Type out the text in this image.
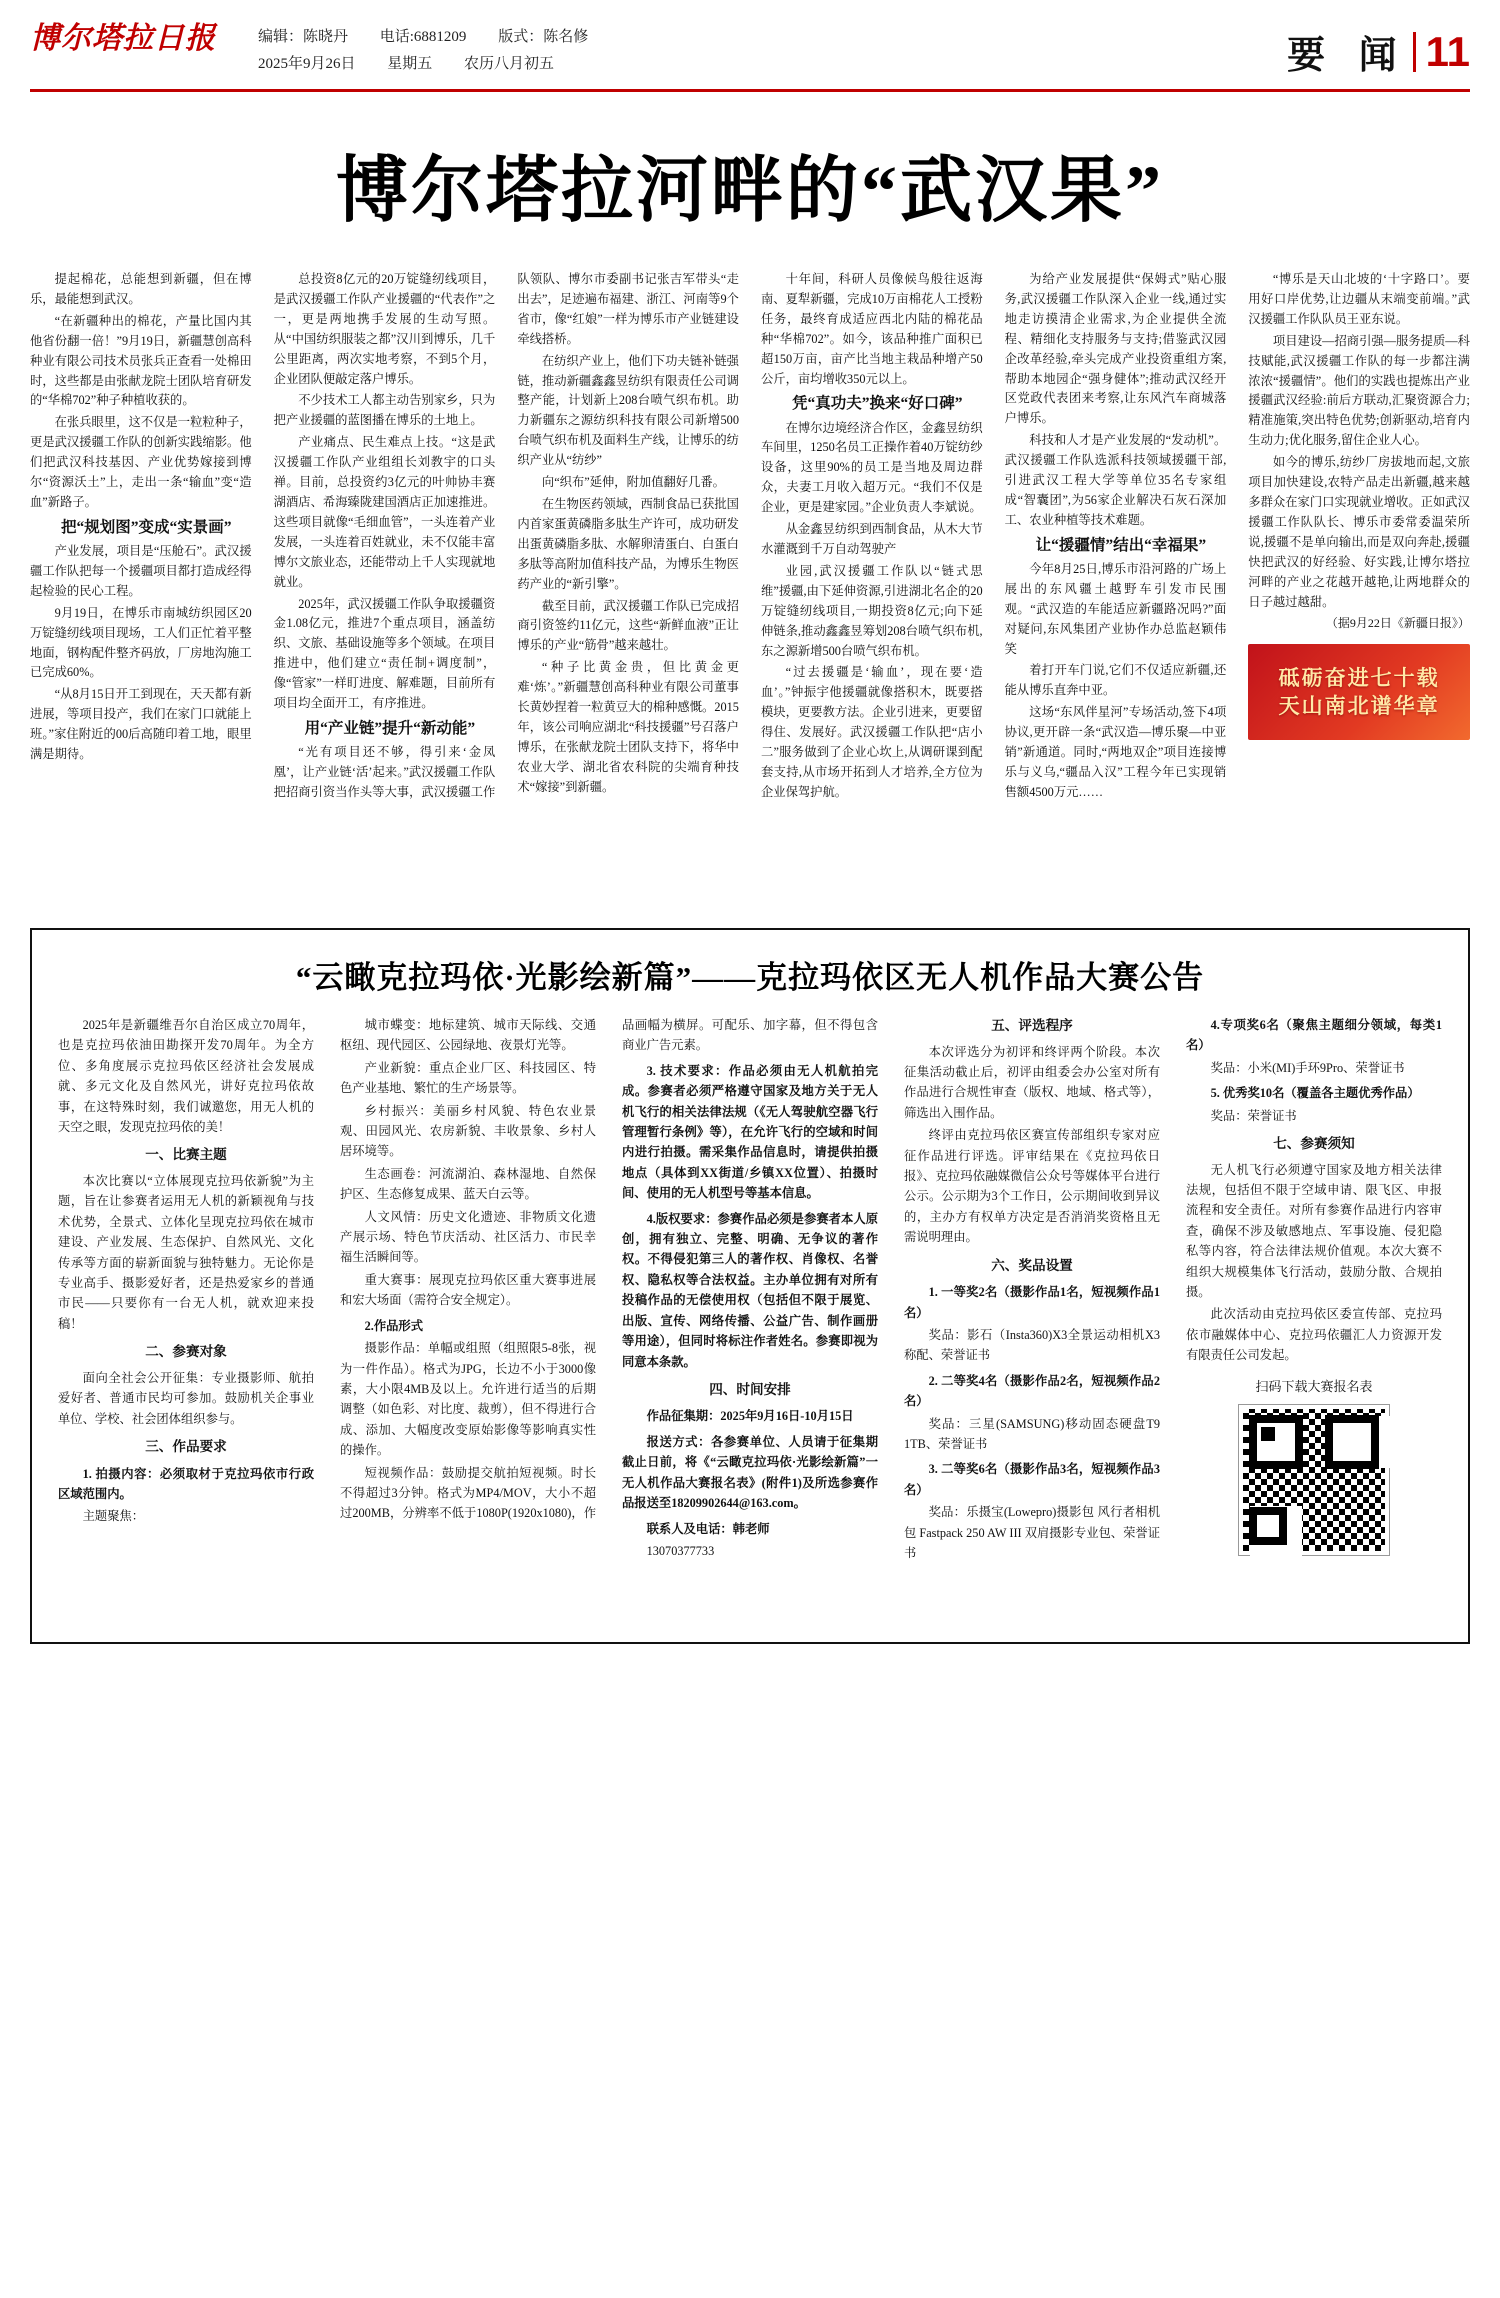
博尔塔拉日报	编辑：陈晓丹 电话:6881209 版式：陈名修
2025年9月26日 星期五 农历八月初五	要 闻 11
博尔塔拉河畔的“武汉果”

提起棉花，总能想到新疆，但在博乐，最能想到武汉。

“在新疆种出的棉花，产量比国内其他省份翻一倍！”9月19日，新疆慧创高科种业有限公司技术员张兵正查看一处棉田时，这些都是由张献龙院士团队培育研发的“华棉702”种子种植收获的。

在张兵眼里，这不仅是一粒粒种子，更是武汉援疆工作队的创新实践缩影。他们把武汉科技基因、产业优势嫁接到博尔“资源沃土”上，走出一条“输血”变“造血”新路子。

把“规划图”变成“实景画”

产业发展，项目是“压舱石”。武汉援疆工作队把每一个援疆项目都打造成经得起检验的民心工程。

9月19日，在博乐市南城纺织园区20万锭缝纫线项目现场，工人们正忙着平整地面，钢构配件整齐码放，厂房地沟施工已完成60%。

“从8月15日开工到现在，天天都有新进展，等项目投产，我们在家门口就能上班。”家住附近的00后高随印着工地，眼里满是期待。

总投资8亿元的20万锭缝纫线项目，是武汉援疆工作队产业援疆的“代表作”之一，更是两地携手发展的生动写照。从“中国纺织服装之都”汉川到博乐，几千公里距离，两次实地考察，不到5个月，企业团队便敲定落户博乐。

不少技术工人都主动告别家乡，只为把产业援疆的蓝图播在博乐的土地上。

产业痛点、民生难点上技。“这是武汉援疆工作队产业组组长刘教宇的口头禅。目前，总投资约3亿元的叶帅协丰赛湖酒店、希海臻陇建国酒店正加速推进。这些项目就像“毛细血管”，一头连着产业发展，一头连着百姓就业，未不仅能丰富博尔文旅业态，还能带动上千人实现就地就业。

2025年，武汉援疆工作队争取援疆资金1.08亿元，推进7个重点项目，涵盖纺织、文旅、基础设施等多个领域。在项目推进中，他们建立“责任制+调度制”，像“管家”一样盯进度、解难题，目前所有项目均全面开工，有序推进。

用“产业链”提升“新动能”

“光有项目还不够，得引来‘金凤凰’，让产业链‘活’起来。”武汉援疆工作队把招商引资当作头等大事，武汉援疆工作队领队、博尔市委副书记张吉军带头“走出去”，足迹遍布福建、浙江、河南等9个省市，像“红娘”一样为博乐市产业链建设牵线搭桥。

在纺织产业上，他们下功夫链补链强链，推动新疆鑫鑫昱纺织有限责任公司调整产能，计划新上208台喷气织布机。助力新疆东之源纺织科技有限公司新增500台喷气织布机及面料生产线，让博乐的纺织产业从“纺纱”

向“织布”延伸，附加值翻好几番。

在生物医药领域，西制食品已获批国内首家蛋黄磷脂多肽生产许可，成功研发出蛋黄磷脂多肽、水解卵清蛋白、白蛋白多肽等高附加值科技产品，为博乐生物医药产业的“新引擎”。

截至目前，武汉援疆工作队已完成招商引资签约11亿元，这些“新鲜血液”正让博乐的产业“筋骨”越来越壮。

“种子比黄金贵，但比黄金更难‘炼’。”新疆慧创高科种业有限公司董事长黄妙捏着一粒黄豆大的棉种感慨。2015年，该公司响应湖北“科技援疆”号召落户博乐，在张献龙院士团队支持下，将华中农业大学、湖北省农科院的尖端育种技术“嫁接”到新疆。

十年间，科研人员像候鸟般往返海南、夏犁新疆，完成10万亩棉花人工授粉任务，最终育成适应西北内陆的棉花品种“华棉702”。如今，该品种推广面积已超150万亩，亩产比当地主栽品种增产50公斤，亩均增收350元以上。

凭“真功夫”换来“好口碑”

在博尔边境经济合作区，金鑫昱纺织车间里，1250名员工正操作着40万锭纺纱设备，这里90%的员工是当地及周边群众，夫妻工月收入超万元。“我们不仅是企业，更是建家园。”企业负责人李斌说。

从金鑫昱纺织到西制食品，从木大节水灌溉到千万自动驾驶产

业园,武汉援疆工作队以“链式思维”援疆,由下延伸资源,引进湖北名企的20万锭缝纫线项目,一期投资8亿元;向下延伸链条,推动鑫鑫昱筹划208台喷气织布机,东之源新增500台喷气织布机。

“过去援疆是‘输血’，现在要‘造血’。”钟振宇他援疆就像搭积木，既要搭模块，更要教方法。企业引进来，更要留得住、发展好。武汉援疆工作队把“店小二”服务做到了企业心坎上,从调研课到配套支持,从市场开拓到人才培养,全方位为企业保驾护航。

为给产业发展提供“保姆式”贴心服务,武汉援疆工作队深入企业一线,通过实地走访摸清企业需求,为企业提供全流程、精细化支持服务与支持;借鉴武汉园企改革经验,牵头完成产业投资重组方案,帮助本地园企“强身健体”;推动武汉经开区党政代表团来考察,让东风汽车商城落户博乐。

科技和人才是产业发展的“发动机”。武汉援疆工作队选派科技领域援疆干部,引进武汉工程大学等单位35名专家组成“智囊团”,为56家企业解决石灰石深加工、农业种植等技术难题。

让“援疆情”结出“幸福果”

今年8月25日,博乐市沿河路的广场上展出的东风疆土越野车引发市民围观。“武汉造的车能适应新疆路况吗?”面对疑问,东风集团产业协作办总监赵颖伟笑

着打开车门说,它们不仅适应新疆,还能从博乐直奔中亚。

这场“东风伴星河”专场活动,签下4项协议,更开辟一条“武汉造—博乐聚—中亚销”新通道。同时,“两地双企”项目连接博乐与义乌,“疆品入汉”工程今年已实现销售额4500万元……

“博乐是天山北坡的‘十字路口’。要用好口岸优势,让边疆从末端变前端。”武汉援疆工作队队员王亚东说。

项目建设—招商引强—服务提质—科技赋能,武汉援疆工作队的每一步都注满浓浓“援疆情”。他们的实践也提炼出产业援疆武汉经验:前后方联动,汇聚资源合力;精准施策,突出特色优势;创新驱动,培育内生动力;优化服务,留住企业人心。

如今的博乐,纺纱厂房拔地而起,文旅项目加快建设,农特产品走出新疆,越来越多群众在家门口实现就业增收。正如武汉援疆工作队队长、博乐市委常委温荣所说,援疆不是单向输出,而是双向奔赴,援疆快把武汉的好经验、好实践,让博尔塔拉河畔的产业之花越开越艳,让两地群众的日子越过越甜。

（据9月22日《新疆日报》）

砥砺奋进七十载
天山南北谱华章
“云瞰克拉玛依·光影绘新篇”——克拉玛依区无人机作品大赛公告

2025年是新疆维吾尔自治区成立70周年，也是克拉玛依油田勘探开发70周年。为全方位、多角度展示克拉玛依区经济社会发展成就、多元文化及自然风光，讲好克拉玛依故事，在这特殊时刻，我们诚邀您，用无人机的天空之眼，发现克拉玛依的美！

一、比赛主题

本次比赛以“立体展现克拉玛依新貌”为主题，旨在让参赛者运用无人机的新颖视角与技术优势，全景式、立体化呈现克拉玛依在城市建设、产业发展、生态保护、自然风光、文化传承等方面的崭新面貌与独特魅力。无论你是专业高手、摄影爱好者，还是热爱家乡的普通市民——只要你有一台无人机，就欢迎来投稿！

二、参赛对象

面向全社会公开征集：专业摄影师、航拍爱好者、普通市民均可参加。鼓励机关企事业单位、学校、社会团体组织参与。

三、作品要求

1. 拍摄内容：必须取材于克拉玛依市行政区域范围内。

主题聚焦：

城市蝶变：地标建筑、城市天际线、交通枢纽、现代园区、公园绿地、夜景灯光等。

产业新貌：重点企业厂区、科技园区、特色产业基地、繁忙的生产场景等。

乡村振兴：美丽乡村风貌、特色农业景观、田园风光、农房新貌、丰收景象、乡村人居环境等。

生态画卷：河流湖泊、森林湿地、自然保护区、生态修复成果、蓝天白云等。

人文风情：历史文化遗迹、非物质文化遗产展示场、特色节庆活动、社区活力、市民幸福生活瞬间等。

重大赛事：展现克拉玛依区重大赛事进展和宏大场面（需符合安全规定）。

2.作品形式

摄影作品：单幅或组照（组照限5-8张，视为一件作品）。格式为JPG，长边不小于3000像素，大小限4MB及以上。允许进行适当的后期调整（如色彩、对比度、裁剪），但不得进行合成、添加、大幅度改变原始影像等影响真实性的操作。

短视频作品：鼓励提交航拍短视频。时长不得超过3分钟。格式为MP4/MOV，大小不超过200MB，分辨率不低于1080P(1920x1080)，作品画幅为横屏。可配乐、加字幕，但不得包含商业广告元素。

3. 技术要求：作品必须由无人机航拍完成。参赛者必须严格遵守国家及地方关于无人机飞行的相关法律法规（《无人驾驶航空器飞行管理暂行条例》等），在允许飞行的空域和时间内进行拍摄。需采集作品信息时，请提供拍摄地点（具体到XX街道/乡镇XX位置）、拍摄时间、使用的无人机型号等基本信息。

4.版权要求：参赛作品必须是参赛者本人原创，拥有独立、完整、明确、无争议的著作权。不得侵犯第三人的著作权、肖像权、名誉权、隐私权等合法权益。主办单位拥有对所有投稿作品的无偿使用权（包括但不限于展览、出版、宣传、网络传播、公益广告、制作画册等用途），但同时将标注作者姓名。参赛即视为同意本条款。

四、时间安排

作品征集期：2025年9月16日-10月15日

报送方式：各参赛单位、人员请于征集期截止日前，将《“云瞰克拉玛依·光影绘新篇”一无人机作品大赛报名表》(附件1)及所选参赛作品报送至18209902644@163.com。

联系人及电话：韩老师

13070377733

五、评选程序

本次评选分为初评和终评两个阶段。本次征集活动截止后，初评由组委会办公室对所有作品进行合规性审查（版权、地域、格式等），筛选出入围作品。

终评由克拉玛依区赛宣传部组织专家对应征作品进行评选。评审结果在《克拉玛依日报》、克拉玛依融媒微信公众号等媒体平台进行公示。公示期为3个工作日，公示期间收到异议的，主办方有权单方决定是否消消奖资格且无需说明理由。

六、奖品设置

1. 一等奖2名（摄影作品1名，短视频作品1名）

奖品：影石（Insta360)X3全景运动相机X3称配、荣誉证书

2. 二等奖4名（摄影作品2名，短视频作品2名）

奖品：三星(SAMSUNG)移动固态硬盘T9 1TB、荣誉证书

3. 二等奖6名（摄影作品3名，短视频作品3名）

奖品：乐摄宝(Lowepro)摄影包 风行者相机包 Fastpack 250 AW III 双肩摄影专业包、荣誉证书

4.专项奖6名（聚焦主题细分领域，每类1名）

奖品：小米(MI)手环9Pro、荣誉证书

5. 优秀奖10名（覆盖各主题优秀作品）

奖品：荣誉证书

七、参赛须知

无人机飞行必须遵守国家及地方相关法律法规，包括但不限于空域申请、限飞区、申报流程和安全责任。对所有参赛作品进行内容审查，确保不涉及敏感地点、军事设施、侵犯隐私等内容，符合法律法规价值观。本次大赛不组织大规模集体飞行活动，鼓励分散、合规拍摄。

此次活动由克拉玛依区委宣传部、克拉玛依市融媒体中心、克拉玛依疆汇人力资源开发有限责任公司发起。

扫码下载大赛报名表
